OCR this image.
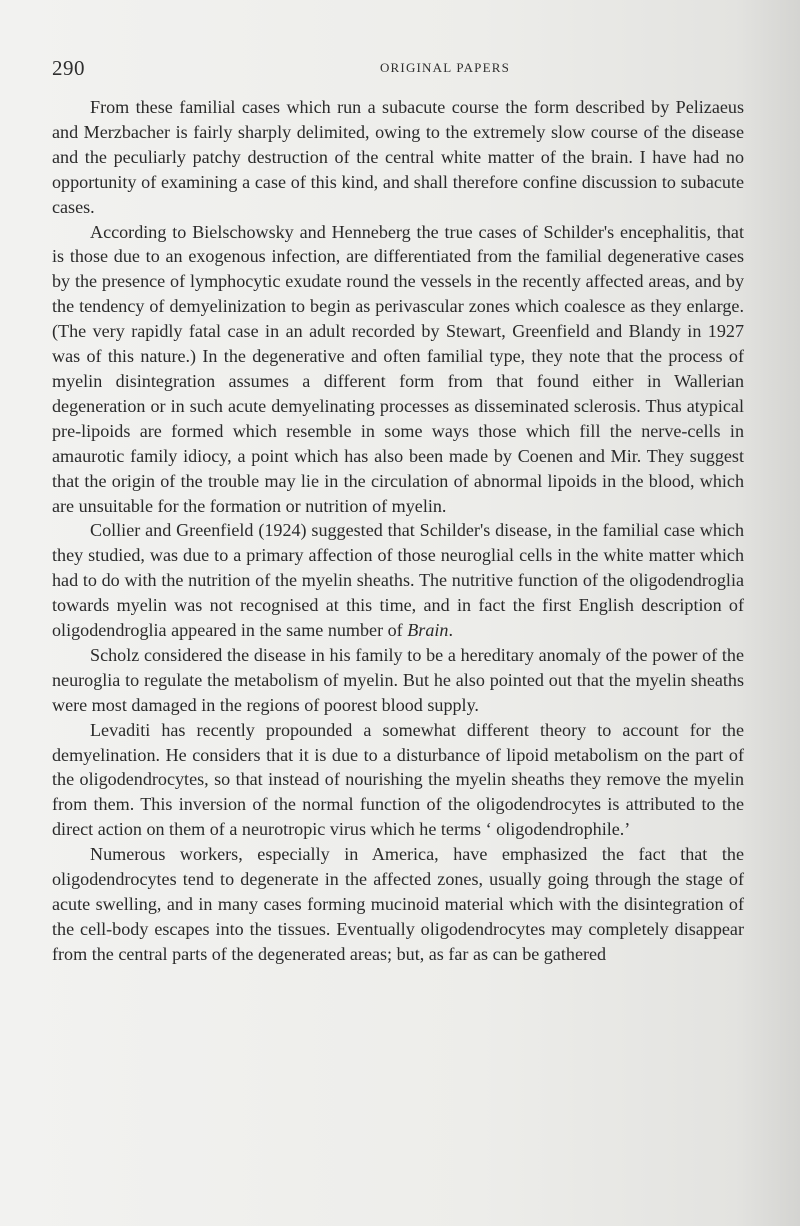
290	ORIGINAL PAPERS

From these familial cases which run a subacute course the form described by Pelizaeus and Merzbacher is fairly sharply delimited, owing to the extremely slow course of the disease and the peculiarly patchy destruction of the central white matter of the brain. I have had no opportunity of examining a case of this kind, and shall therefore confine discussion to subacute cases.

According to Bielschowsky and Henneberg the true cases of Schilder's encephalitis, that is those due to an exogenous infection, are differentiated from the familial degenerative cases by the presence of lymphocytic exudate round the vessels in the recently affected areas, and by the tendency of demyelinization to begin as perivascular zones which coalesce as they enlarge. (The very rapidly fatal case in an adult recorded by Stewart, Greenfield and Blandy in 1927 was of this nature.) In the degenerative and often familial type, they note that the process of myelin disintegration assumes a different form from that found either in Wallerian degeneration or in such acute demyelinating processes as disseminated sclerosis. Thus atypical pre-lipoids are formed which resemble in some ways those which fill the nerve-cells in amaurotic family idiocy, a point which has also been made by Coenen and Mir. They suggest that the origin of the trouble may lie in the circulation of abnormal lipoids in the blood, which are unsuitable for the formation or nutrition of myelin.

Collier and Greenfield (1924) suggested that Schilder's disease, in the familial case which they studied, was due to a primary affection of those neuroglial cells in the white matter which had to do with the nutrition of the myelin sheaths. The nutritive function of the oligodendroglia towards myelin was not recognised at this time, and in fact the first English description of oligodendroglia appeared in the same number of Brain.

Scholz considered the disease in his family to be a hereditary anomaly of the power of the neuroglia to regulate the metabolism of myelin. But he also pointed out that the myelin sheaths were most damaged in the regions of poorest blood supply.

Levaditi has recently propounded a somewhat different theory to account for the demyelination. He considers that it is due to a disturbance of lipoid metabolism on the part of the oligodendrocytes, so that instead of nourishing the myelin sheaths they remove the myelin from them. This inversion of the normal function of the oligodendrocytes is attributed to the direct action on them of a neurotropic virus which he terms ‘ oligodendrophile.’

Numerous workers, especially in America, have emphasized the fact that the oligodendrocytes tend to degenerate in the affected zones, usually going through the stage of acute swelling, and in many cases forming mucinoid material which with the disintegration of the cell-body escapes into the tissues. Eventually oligodendrocytes may completely disappear from the central parts of the degenerated areas; but, as far as can be gathered
